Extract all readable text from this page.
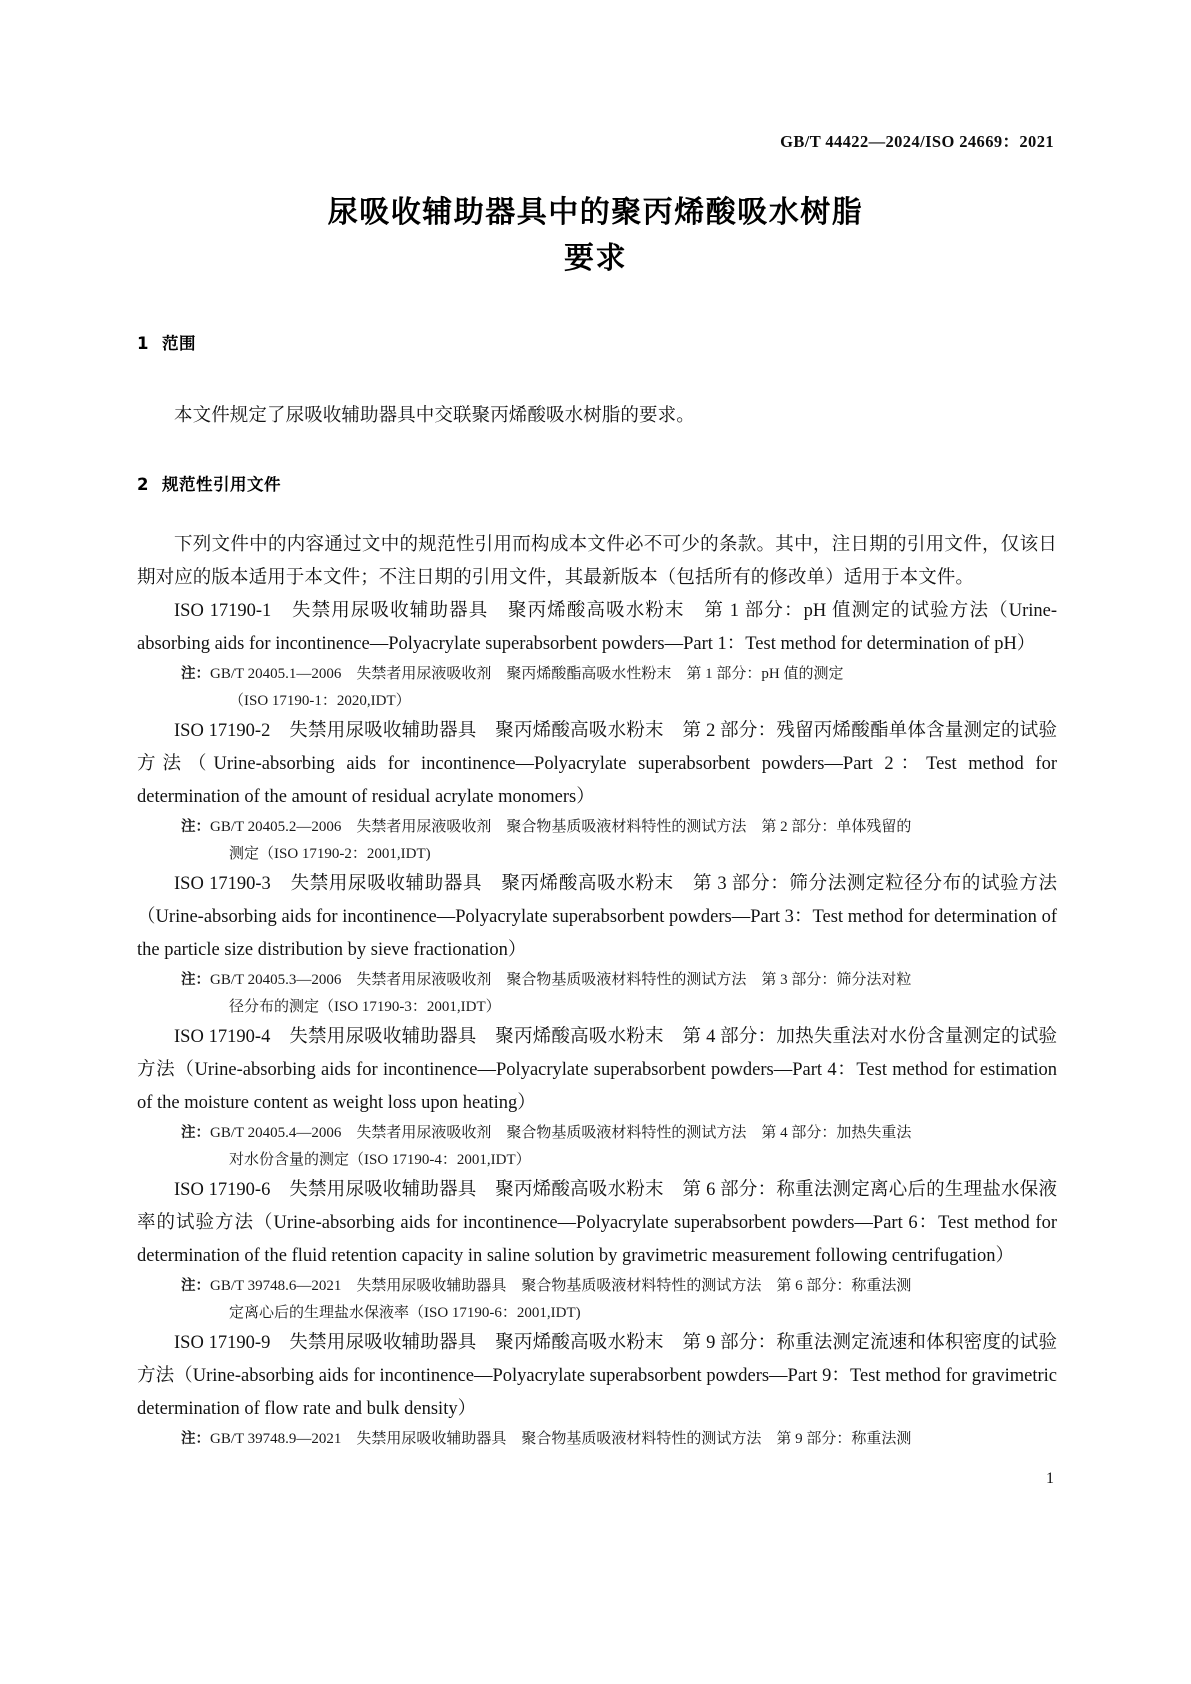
GB/T 44422—2024/ISO 24669：2021
尿吸收辅助器具中的聚丙烯酸吸水树脂
要求

1 范围

本文件规定了尿吸收辅助器具中交联聚丙烯酸吸水树脂的要求。

2 规范性引用文件

下列文件中的内容通过文中的规范性引用而构成本文件必不可少的条款。其中，注日期的引用文件，仅该日期对应的版本适用于本文件；不注日期的引用文件，其最新版本（包括所有的修改单）适用于本文件。

ISO 17190-1　失禁用尿吸收辅助器具　聚丙烯酸高吸水粉末　第 1 部分：pH 值测定的试验方法（Urine-absorbing aids for incontinence—Polyacrylate superabsorbent powders—Part 1：Test method for determination of pH）

注：GB/T 20405.1—2006　失禁者用尿液吸收剂　聚丙烯酸酯高吸水性粉末　第 1 部分：pH 值的测定
（ISO 17190-1：2020,IDT）

ISO 17190-2　失禁用尿吸收辅助器具　聚丙烯酸高吸水粉末　第 2 部分：残留丙烯酸酯单体含量测定的试验方法（Urine-absorbing aids for incontinence—Polyacrylate superabsorbent powders—Part 2：Test method for determination of the amount of residual acrylate monomers）

注：GB/T 20405.2—2006　失禁者用尿液吸收剂　聚合物基质吸液材料特性的测试方法　第 2 部分：单体残留的
测定（ISO 17190-2：2001,IDT)

ISO 17190-3　失禁用尿吸收辅助器具　聚丙烯酸高吸水粉末　第 3 部分：筛分法测定粒径分布的试验方法（Urine-absorbing aids for incontinence—Polyacrylate superabsorbent powders—Part 3：Test method for determination of the particle size distribution by sieve fractionation）

注：GB/T 20405.3—2006　失禁者用尿液吸收剂　聚合物基质吸液材料特性的测试方法　第 3 部分：筛分法对粒
径分布的测定（ISO 17190-3：2001,IDT）

ISO 17190-4　失禁用尿吸收辅助器具　聚丙烯酸高吸水粉末　第 4 部分：加热失重法对水份含量测定的试验方法（Urine-absorbing aids for incontinence—Polyacrylate superabsorbent powders—Part 4：Test method for estimation of the moisture content as weight loss upon heating）

注：GB/T 20405.4—2006　失禁者用尿液吸收剂　聚合物基质吸液材料特性的测试方法　第 4 部分：加热失重法
对水份含量的测定（ISO 17190-4：2001,IDT）

ISO 17190-6　失禁用尿吸收辅助器具　聚丙烯酸高吸水粉末　第 6 部分：称重法测定离心后的生理盐水保液率的试验方法（Urine-absorbing aids for incontinence—Polyacrylate superabsorbent powders—Part 6：Test method for determination of the fluid retention capacity in saline solution by gravimetric measurement following centrifugation）

注：GB/T 39748.6—2021　失禁用尿吸收辅助器具　聚合物基质吸液材料特性的测试方法　第 6 部分：称重法测
定离心后的生理盐水保液率（ISO 17190-6：2001,IDT)

ISO 17190-9　失禁用尿吸收辅助器具　聚丙烯酸高吸水粉末　第 9 部分：称重法测定流速和体积密度的试验方法（Urine-absorbing aids for incontinence—Polyacrylate superabsorbent powders—Part 9：Test method for gravimetric determination of flow rate and bulk density）

注：GB/T 39748.9—2021　失禁用尿吸收辅助器具　聚合物基质吸液材料特性的测试方法　第 9 部分：称重法测

1
